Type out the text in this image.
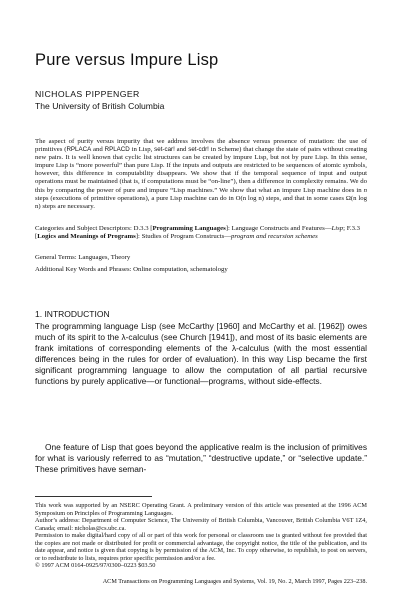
Pure versus Impure Lisp
NICHOLAS PIPPENGER
The University of British Columbia

The aspect of purity versus impurity that we address involves the absence versus presence of mutation: the use of primitives (RPLACA and RPLACD in Lisp, set-car! and set-cdr! in Scheme) that change the state of pairs without creating new pairs. It is well known that cyclic list structures can be created by impure Lisp, but not by pure Lisp. In this sense, impure Lisp is “more powerful” than pure Lisp. If the inputs and outputs are restricted to be sequences of atomic symbols, however, this difference in computability disappears. We show that if the temporal sequence of input and output operations must be maintained (that is, if computations must be “on-line”), then a difference in complexity remains. We do this by comparing the power of pure and impure “Lisp machines.” We show that what an impure Lisp machine does in n steps (executions of primitive operations), a pure Lisp machine can do in O(n log n) steps, and that in some cases Ω(n log n) steps are necessary.

Categories and Subject Descriptors: D.3.3 [Programming Languages]: Language Constructs and Features—Lisp; F.3.3 [Logics and Meanings of Programs]: Studies of Program Constructs—program and recursion schemes

General Terms: Languages, Theory

Additional Key Words and Phrases: Online computation, schematology

1. INTRODUCTION

The programming language Lisp (see McCarthy [1960] and McCarthy et al. [1962]) owes much of its spirit to the λ-calculus (see Church [1941]), and most of its basic elements are frank imitations of corresponding elements of the λ-calculus (with the most essential differences being in the rules for order of evaluation). In this way Lisp became the first significant programming language to allow the computation of all partial recursive functions by purely applicative—or functional—programs, without side-effects.

One feature of Lisp that goes beyond the applicative realm is the inclusion of primitives for what is variously referred to as “mutation,” “destructive update,” or “selective update.” These primitives have seman-

This work was supported by an NSERC Operating Grant. A preliminary version of this article was presented at the 1996 ACM Symposium on Principles of Programming Languages.
Author’s address: Department of Computer Science, The University of British Columbia, Vancouver, British Columbia V6T 1Z4, Canada; email: nicholas@cs.ubc.ca.
Permission to make digital/hard copy of all or part of this work for personal or classroom use is granted without fee provided that the copies are not made or distributed for profit or commercial advantage, the copyright notice, the title of the publication, and its date appear, and notice is given that copying is by permission of the ACM, Inc. To copy otherwise, to republish, to post on servers, or to redistribute to lists, requires prior specific permission and/or a fee.
© 1997 ACM 0164-0925/97/0300–0223 $03.50
ACM Transactions on Programming Languages and Systems, Vol. 19, No. 2, March 1997, Pages 223–238.
